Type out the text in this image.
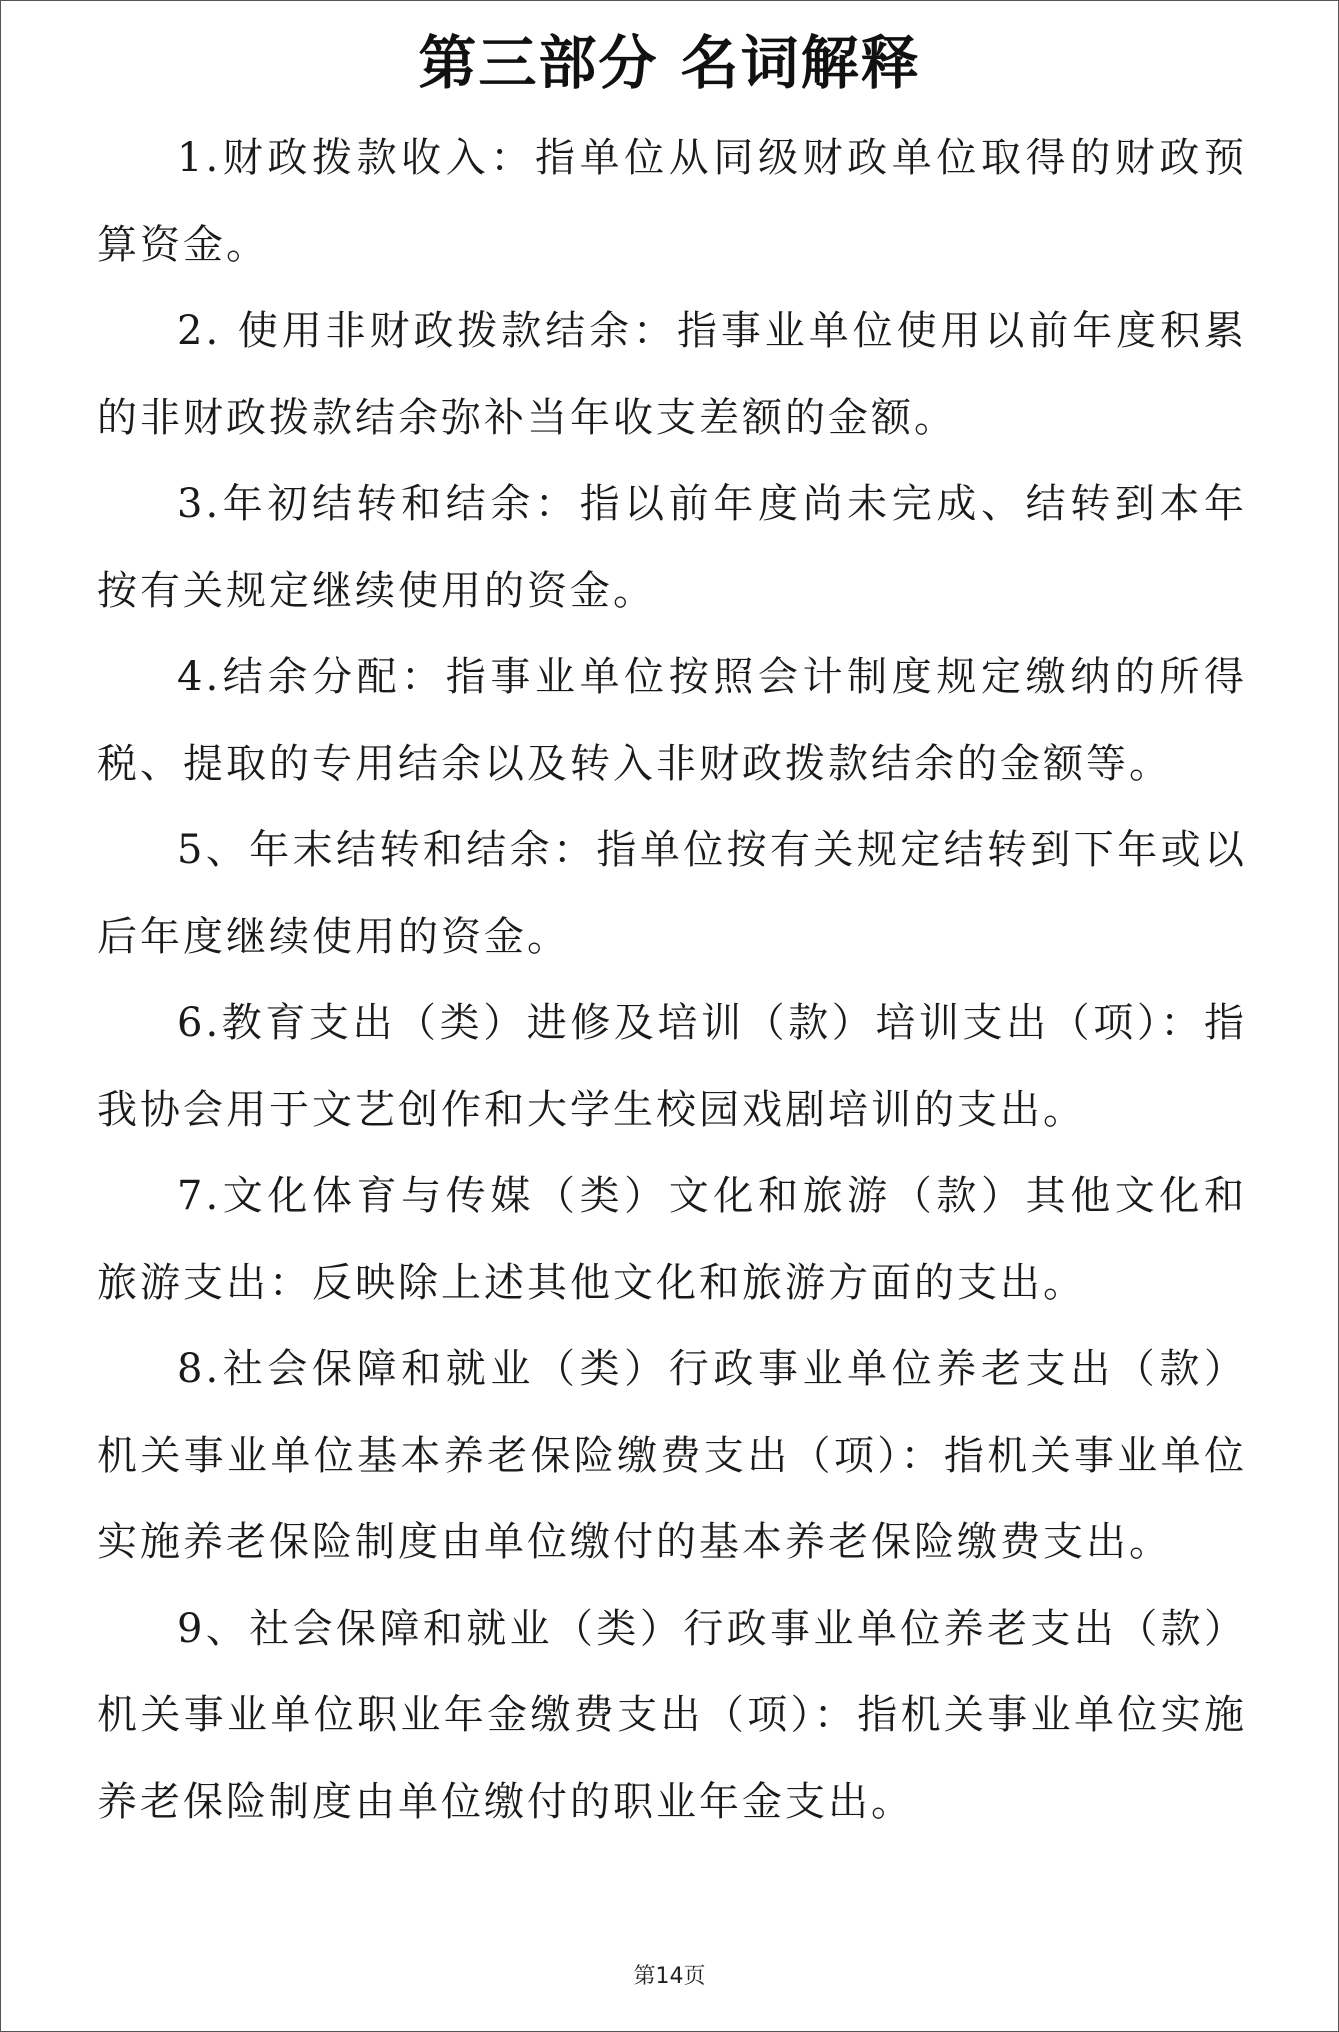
第三部分 名词解释

1.财政拨款收入：指单位从同级财政单位取得的财政预算资金。

2. 使用非财政拨款结余：指事业单位使用以前年度积累的非财政拨款结余弥补当年收支差额的金额。

3.年初结转和结余：指以前年度尚未完成、结转到本年按有关规定继续使用的资金。

4.结余分配：指事业单位按照会计制度规定缴纳的所得税、提取的专用结余以及转入非财政拨款结余的金额等。

5、年末结转和结余：指单位按有关规定结转到下年或以后年度继续使用的资金。

6.教育支出（类）进修及培训（款）培训支出（项）：指我协会用于文艺创作和大学生校园戏剧培训的支出。

7.文化体育与传媒（类）文化和旅游（款）其他文化和旅游支出：反映除上述其他文化和旅游方面的支出。

8.社会保障和就业（类）行政事业单位养老支出（款）机关事业单位基本养老保险缴费支出（项）：指机关事业单位实施养老保险制度由单位缴付的基本养老保险缴费支出。

9、社会保障和就业（类）行政事业单位养老支出（款）机关事业单位职业年金缴费支出（项）：指机关事业单位实施养老保险制度由单位缴付的职业年金支出。

第14页
